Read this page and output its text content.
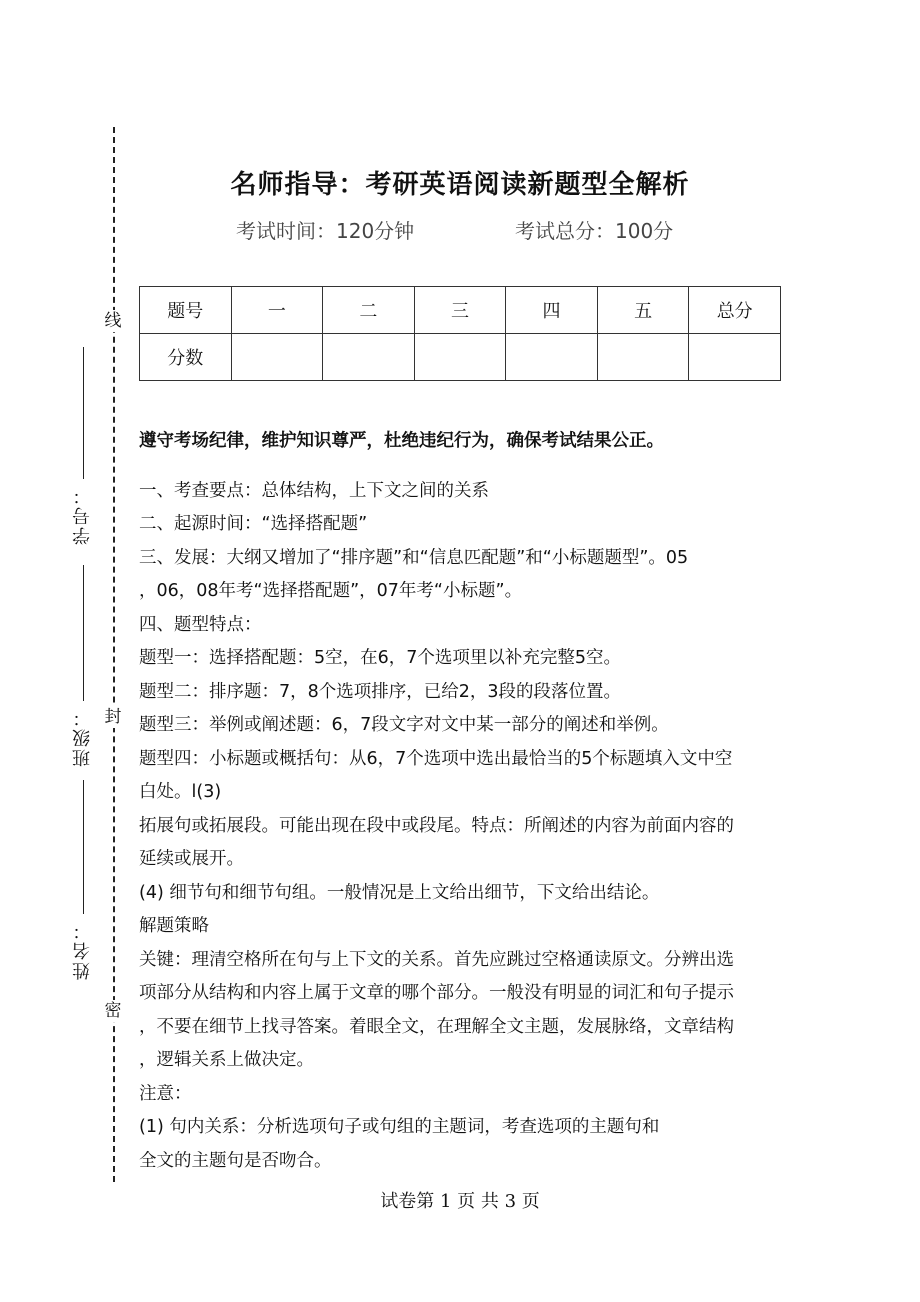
线
封
密
学号：
班级：
姓名：
名师指导：考研英语阅读新题型全解析
考试时间：120分钟	考试总分：100分
题号	一	二	三	四	五	总分
分数						

遵守考场纪律，维护知识尊严，杜绝违纪行为，确保考试结果公正。

一、考查要点：总体结构，上下文之间的关系

二、起源时间：“选择搭配题”

三、发展：大纲又增加了“排序题”和“信息匹配题”和“小标题题型”。05

，06，08年考“选择搭配题”，07年考“小标题”。

四、题型特点：

题型一：选择搭配题：5空，在6，7个选项里以补充完整5空。

题型二：排序题：7，8个选项排序，已给2，3段的段落位置。

题型三：举例或阐述题：6，7段文字对文中某一部分的阐述和举例。

题型四：小标题或概括句：从6，7个选项中选出最恰当的5个标题填入文中空

白处。l(3)

拓展句或拓展段。可能出现在段中或段尾。特点：所阐述的内容为前面内容的

延续或展开。

(4) 细节句和细节句组。一般情况是上文给出细节，下文给出结论。

解题策略

关键：理清空格所在句与上下文的关系。首先应跳过空格通读原文。分辨出选

项部分从结构和内容上属于文章的哪个部分。一般没有明显的词汇和句子提示

，不要在细节上找寻答案。着眼全文，在理解全文主题，发展脉络，文章结构

，逻辑关系上做决定。

注意：

(1) 句内关系：分析选项句子或句组的主题词，考查选项的主题句和

全文的主题句是否吻合。

试卷第 1 页 共 3 页
